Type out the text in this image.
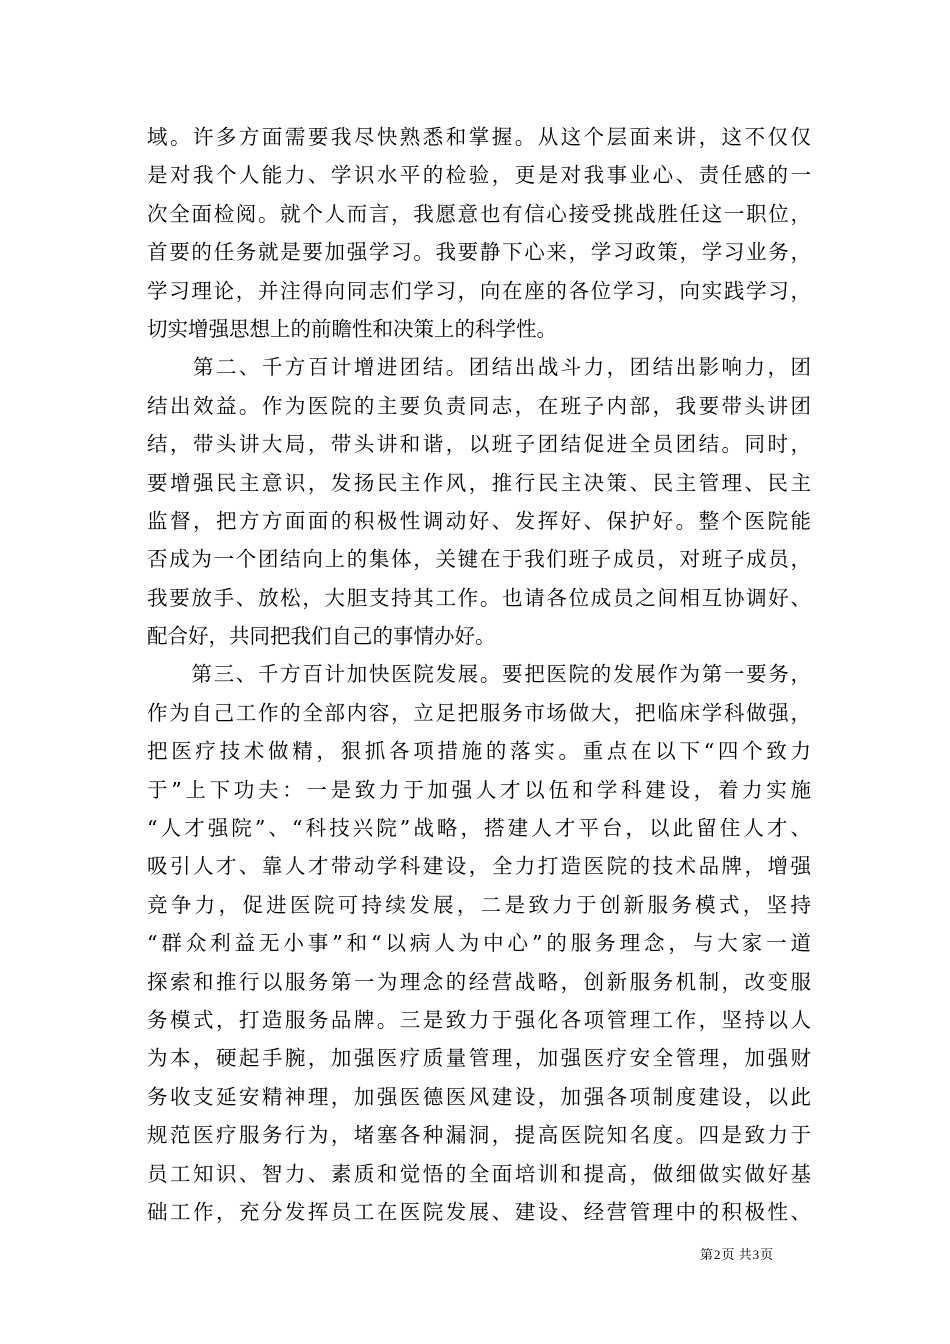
域。许多方面需要我尽快熟悉和掌握。从这个层面来讲，这不仅仅
是对我个人能力、学识水平的检验，更是对我事业心、责任感的一
次全面检阅。就个人而言，我愿意也有信心接受挑战胜任这一职位，
首要的任务就是要加强学习。我要静下心来，学习政策，学习业务，
学习理论，并注得向同志们学习，向在座的各位学习，向实践学习，
切实增强思想上的前瞻性和决策上的科学性。
　　第二、千方百计增进团结。团结出战斗力，团结出影响力，团
结出效益。作为医院的主要负责同志，在班子内部，我要带头讲团
结，带头讲大局，带头讲和谐，以班子团结促进全员团结。同时，
要增强民主意识，发扬民主作风，推行民主决策、民主管理、民主
监督，把方方面面的积极性调动好、发挥好、保护好。整个医院能
否成为一个团结向上的集体，关键在于我们班子成员，对班子成员，
我要放手、放松，大胆支持其工作。也请各位成员之间相互协调好、
配合好，共同把我们自己的事情办好。
　　第三、千方百计加快医院发展。要把医院的发展作为第一要务，
作为自己工作的全部内容，立足把服务市场做大，把临床学科做强，
把医疗技术做精，狠抓各项措施的落实。重点在以下“四个致力
于”上下功夫：一是致力于加强人才以伍和学科建设，着力实施
“人才强院”、“科技兴院”战略，搭建人才平台，以此留住人才、
吸引人才、靠人才带动学科建设，全力打造医院的技术品牌，增强
竞争力，促进医院可持续发展，二是致力于创新服务模式，坚持
“群众利益无小事”和“以病人为中心”的服务理念，与大家一道
探索和推行以服务第一为理念的经营战略，创新服务机制，改变服
务模式，打造服务品牌。三是致力于强化各项管理工作，坚持以人
为本，硬起手腕，加强医疗质量管理，加强医疗安全管理，加强财
务收支延安精神理，加强医德医风建设，加强各项制度建设，以此
规范医疗服务行为，堵塞各种漏洞，提高医院知名度。四是致力于
员工知识、智力、素质和觉悟的全面培训和提高，做细做实做好基
础工作，充分发挥员工在医院发展、建设、经营管理中的积极性、
第2页 共3页
